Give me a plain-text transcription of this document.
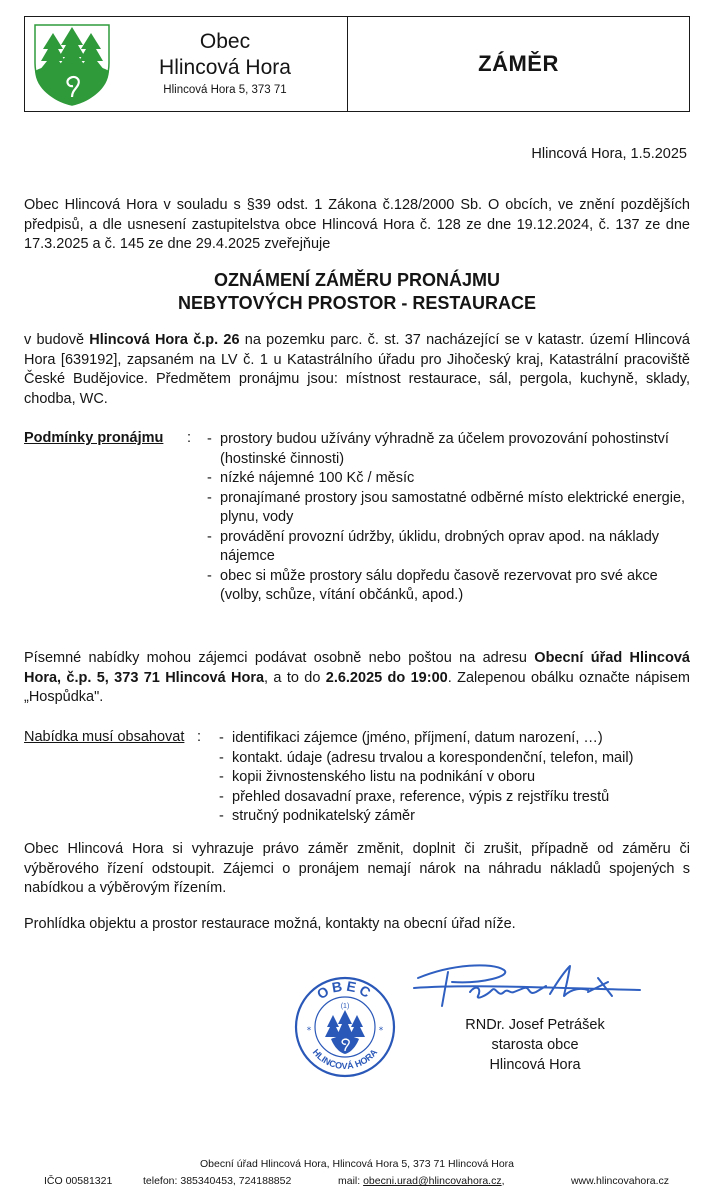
Obec
Hlincová Hora
Hlincová Hora 5, 373 71
ZÁMĚR
Hlincová Hora, 1.5.2025

Obec Hlincová Hora v souladu s §39 odst. 1 Zákona č.128/2000 Sb. O obcích, ve znění pozdějších předpisů, a dle usnesení zastupitelstva obce Hlincová Hora č. 128 ze dne 19.12.2024, č. 137 ze dne 17.3.2025 a č. 145 ze dne 29.4.2025 zveřejňuje

OZNÁMENÍ ZÁMĚRU PRONÁJMU
NEBYTOVÝCH PROSTOR - RESTAURACE

v budově Hlincová Hora č.p. 26 na pozemku parc. č. st. 37 nacházející se v katastr. území Hlincová Hora [639192], zapsaném na LV č. 1 u Katastrálního úřadu pro Jihočeský kraj, Katastrální pracoviště České Budějovice. Předmětem pronájmu jsou: místnost restaurace, sál, pergola, kuchyně, sklady, chodba, WC.

Podmínky pronájmu :	- prostory budou užívány výhradně za účelem provozování pohostinství (hostinské činnosti)
- nízké nájemné 100 Kč / měsíc
- pronajímané prostory jsou samostatné odběrné místo elektrické energie, plynu, vody
- provádění provozní údržby, úklidu, drobných oprav apod. na náklady nájemce
- obec si může prostory sálu dopředu časově rezervovat pro své akce (volby, schůze, vítání občánků, apod.)

Písemné nabídky mohou zájemci podávat osobně nebo poštou na adresu Obecní úřad Hlincová Hora, č.p. 5, 373 71 Hlincová Hora, a to do 2.6.2025 do 19:00. Zalepenou obálku označte nápisem „Hospůdka".

Nabídka musí obsahovat :	- identifikaci zájemce (jméno, příjmení, datum narození, …)
- kontakt. údaje (adresu trvalou a korespondenční, telefon, mail)
- kopii živnostenského listu na podnikání v oboru
- přehled dosavadní praxe, reference, výpis z rejstříku trestů
- stručný podnikatelský záměr

Obec Hlincová Hora si vyhrazuje právo záměr změnit, doplnit či zrušit, případně od záměru či výběrového řízení odstoupit. Zájemci o pronájem nemají nárok na náhradu nákladů spojených s nabídkou a výběrovým řízením.

Prohlídka objektu a prostor restaurace možná, kontakty na obecní úřad níže.

OBEC
HLINCOVÁ HORA
(1)
*	*	RNDr. Josef Petrášek
starosta obce
Hlincová Hora
Obecní úřad Hlincová Hora, Hlincová Hora 5, 373 71 Hlincová Hora
IČO 00581321	telefon: 385340453, 724188852	mail: obecni.urad@hlincovahora.cz,	www.hlincovahora.cz
